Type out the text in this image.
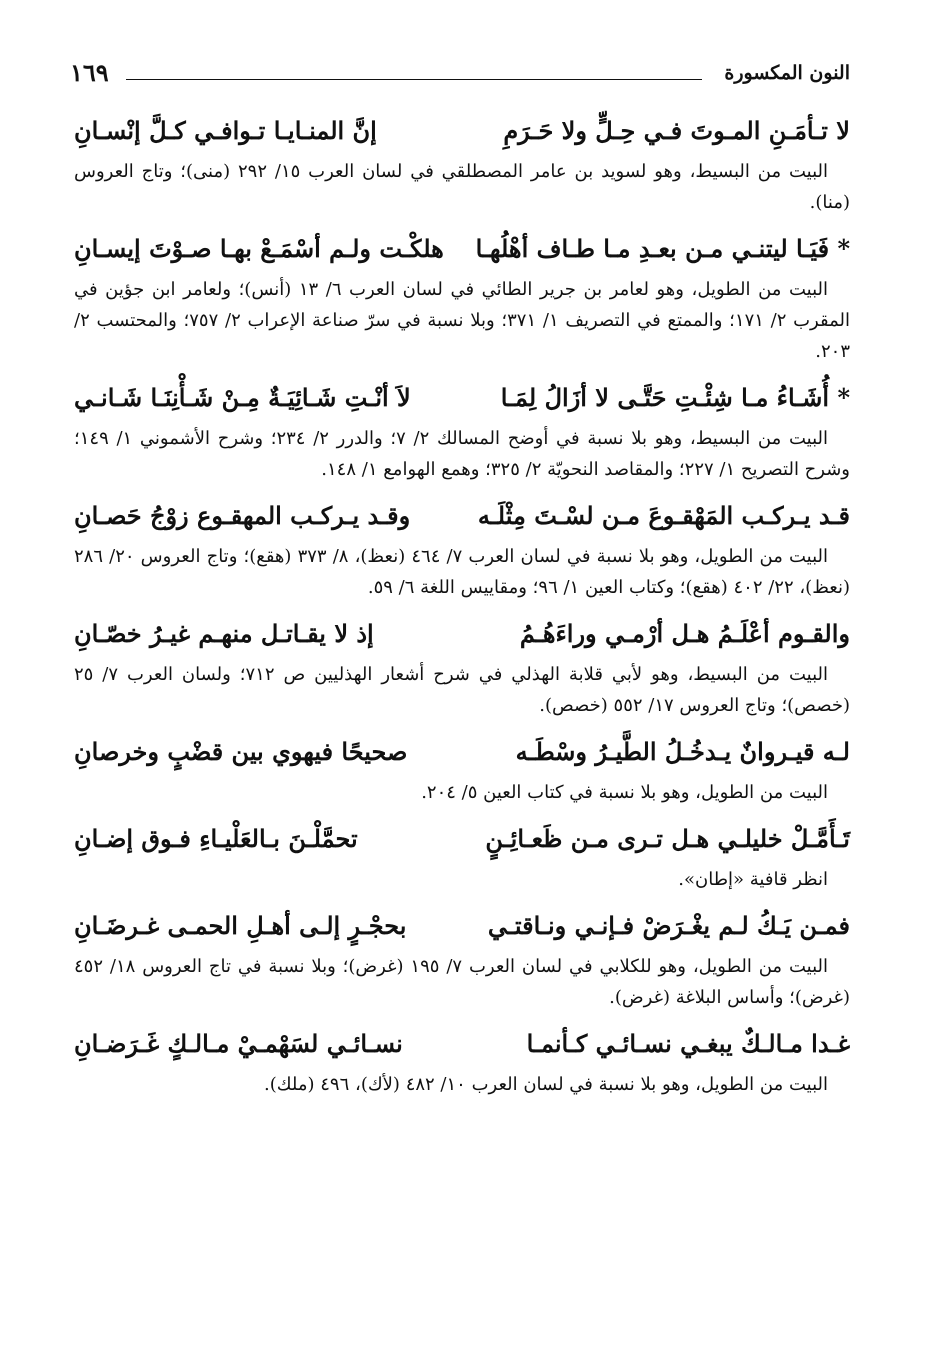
النون المكسورة
١٦٩
لا تـأمَـنِ المـوتَ فـي حِـلٍّ ولا حَـرَمِ
إنَّ المنـايـا تـوافـي كـلَّ إنْسـانِ

البيت من البسيط، وهو لسويد بن عامر المصطلقي في لسان العرب ١٥/ ٢٩٢ (منى)؛ وتاج العروس (منا).

* فَيَـا ليتنـي مـن بعـدِ مـا طـاف أهْلُهـا
هلكْـت ولـم أسْمَـعْ بهـا صـوْتَ إيسـانِ

البيت من الطويل، وهو لعامر بن جرير الطائي في لسان العرب ٦/ ١٣ (أنس)؛ ولعامر ابن جؤين في المقرب ٢/ ١٧١؛ والممتع في التصريف ١/ ٣٧١؛ وبلا نسبة في سرّ صناعة الإعراب ٢/ ٧٥٧؛ والمحتسب ٢/ ٢٠٣.

* أُشَـاءُ مـا شِئْـتِ حَتَّـى لا أزَالُ لِمَـا
لاَ أنْـتِ شَـائِيَـةٌ مِـنْ شَـأْنِنَـا شَـانـي

البيت من البسيط، وهو بلا نسبة في أوضح المسالك ٢/ ٧؛ والدرر ٢/ ٢٣٤؛ وشرح الأشموني ١/ ١٤٩؛ وشرح التصريح ١/ ٢٢٧؛ والمقاصد النحويّة ٢/ ٣٢٥؛ وهمع الهوامع ١/ ١٤٨.

قـد يـركـب المَهْقـوعَ مـن لسْـتَ مِثْلَـه
وقـد يـركـب المهقـوع زوْجُ حَصـانِ

البيت من الطويل، وهو بلا نسبة في لسان العرب ٧/ ٤٦٤ (نعظ)، ٨/ ٣٧٣ (هقع)؛ وتاج العروس ٢٠/ ٢٨٦ (نعظ)، ٢٢/ ٤٠٢ (هقع)؛ وكتاب العين ١/ ٩٦؛ ومقاييس اللغة ٦/ ٥٩.

والقـوم أعْلَـمُ هـل أرْمـي وراءَهُـمُ
إذ لا يقـاتـل منهـم غيـرُ خصّـانِ

البيت من البسيط، وهو لأبي قلابة الهذلي في شرح أشعار الهذليين ص ٧١٢؛ ولسان العرب ٧/ ٢٥ (خصص)؛ وتاج العروس ١٧/ ٥٥٢ (خصص).

لـه قيـروانٌ يـدخُـلُ الطَّيـرُ وسْطَـه
صحيحًا فيهوي بين قضْبٍ وخرصانِ

البيت من الطويل، وهو بلا نسبة في كتاب العين ٥/ ٢٠٤.

تَـأَمَّـلْ خليلـي هـل تـرى مـن ظَعـائِـنٍ
تحمَّلْـنَ بـالعَلْيـاءِ فـوق إضـانِ

انظر قافية «إطان».

فمـن يَـكُ لـم يغْـرَضْ فـإنـي ونـاقتـي
بحجْـرٍ إلـى أهـلِ الحمـى غـرضَـانِ

البيت من الطويل، وهو للكلابي في لسان العرب ٧/ ١٩٥ (غرض)؛ وبلا نسبة في تاج العروس ١٨/ ٤٥٢ (غرض)؛ وأساس البلاغة (غرض).

غـدا مـالـكٌ يبغـي نسـائـي كـأنمـا
نسـائـي لسَهْمـيْ مـالـكٍ غَـرَضـانِ

البيت من الطويل، وهو بلا نسبة في لسان العرب ١٠/ ٤٨٢ (لأك)، ٤٩٦ (ملك).
